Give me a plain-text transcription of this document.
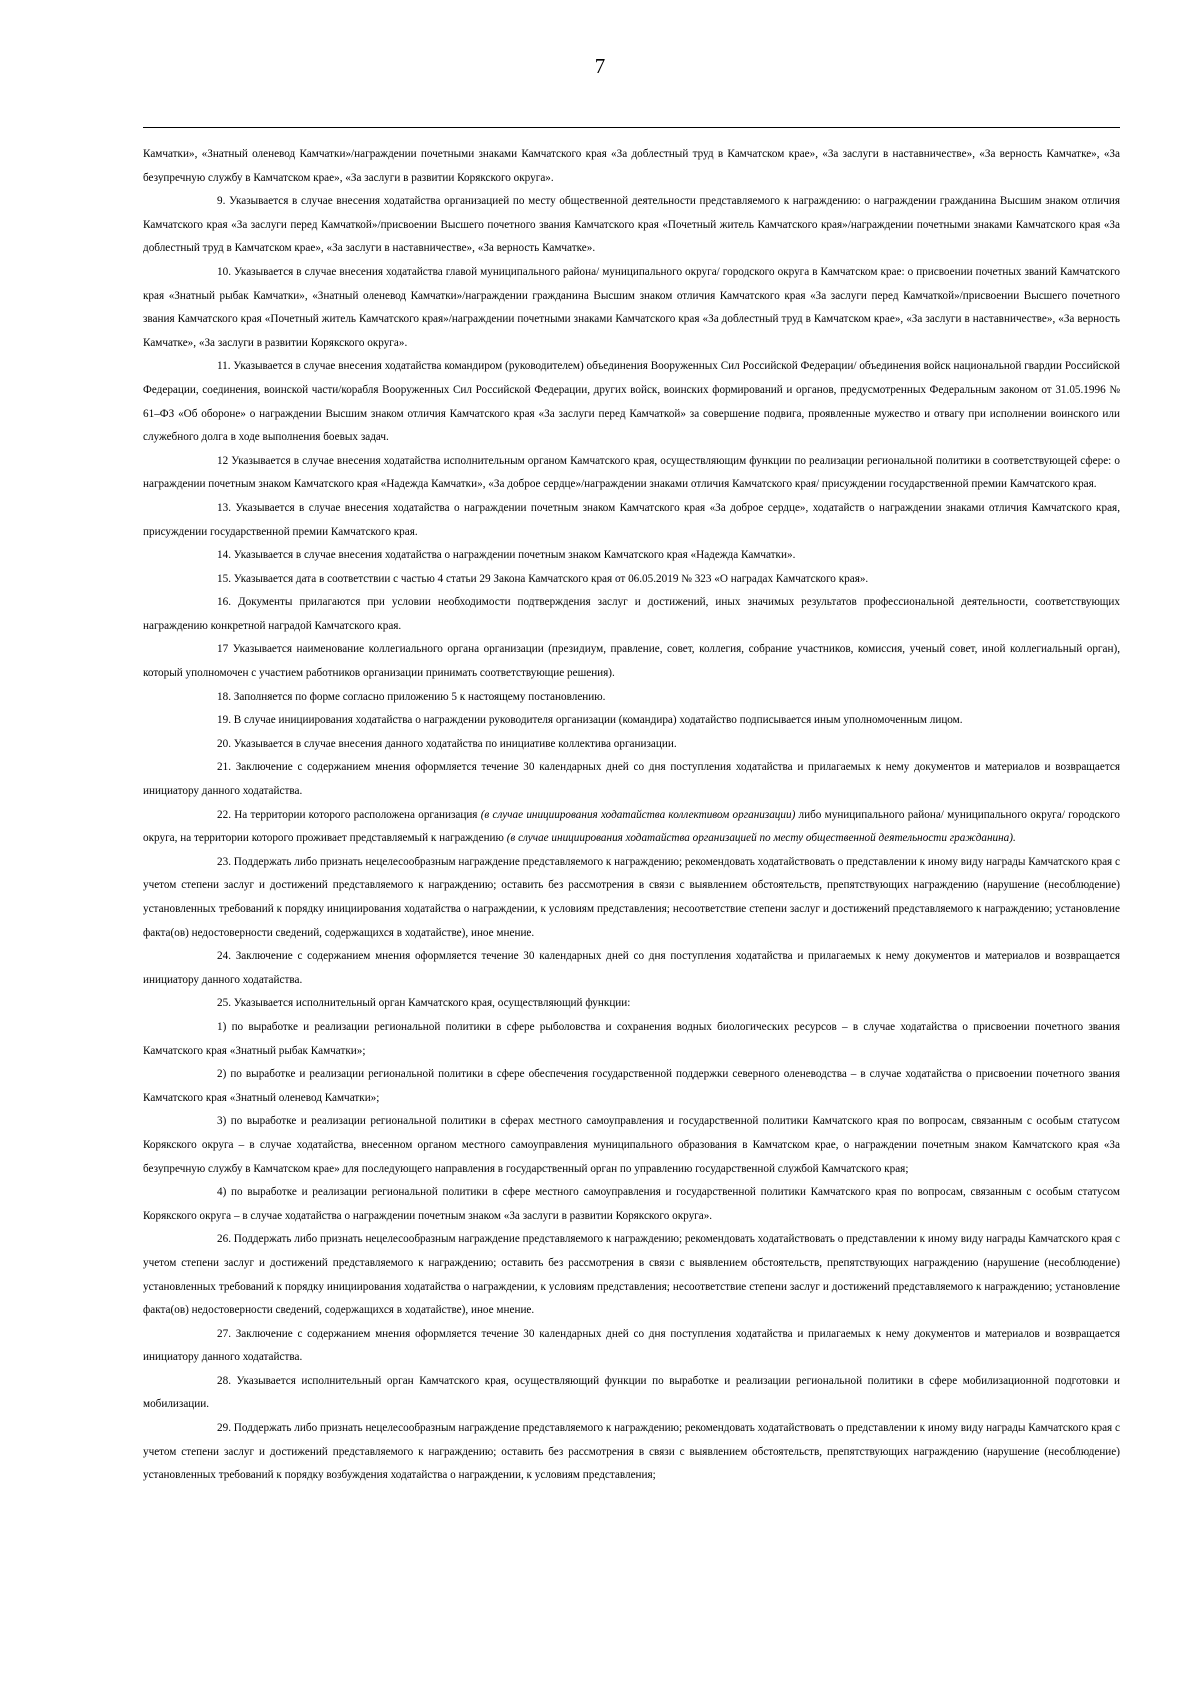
7

Камчатки», «Знатный оленевод Камчатки»/награждении почетными знаками Камчатского края «За доблестный труд в Камчатском крае», «За заслуги в наставничестве», «За верность Камчатке», «За безупречную службу в Камчатском крае», «За заслуги в развитии Корякского округа».

9. Указывается в случае внесения ходатайства организацией по месту общественной деятельности представляемого к награждению: о награждении гражданина Высшим знаком отличия Камчатского края «За заслуги перед Камчаткой»/присвоении Высшего почетного звания Камчатского края «Почетный житель Камчатского края»/награждении почетными знаками Камчатского края «За доблестный труд в Камчатском крае», «За заслуги в наставничестве», «За верность Камчатке».

10. Указывается в случае внесения ходатайства главой муниципального района/ муниципального округа/ городского округа в Камчатском крае: о присвоении почетных званий Камчатского края «Знатный рыбак Камчатки», «Знатный оленевод Камчатки»/награждении гражданина Высшим знаком отличия Камчатского края «За заслуги перед Камчаткой»/присвоении Высшего почетного звания Камчатского края «Почетный житель Камчатского края»/награждении почетными знаками Камчатского края «За доблестный труд в Камчатском крае», «За заслуги в наставничестве», «За верность Камчатке», «За заслуги в развитии Корякского округа».

11. Указывается в случае внесения ходатайства командиром (руководителем) объединения Вооруженных Сил Российской Федерации/ объединения войск национальной гвардии Российской Федерации, соединения, воинской части/корабля Вооруженных Сил Российской Федерации, других войск, воинских формирований и органов, предусмотренных Федеральным законом от 31.05.1996 № 61–ФЗ «Об обороне» о награждении Высшим знаком отличия Камчатского края «За заслуги перед Камчаткой» за совершение подвига, проявленные мужество и отвагу при исполнении воинского или служебного долга в ходе выполнения боевых задач.

12 Указывается в случае внесения ходатайства исполнительным органом Камчатского края, осуществляющим функции по реализации региональной политики в соответствующей сфере: о награждении почетным знаком Камчатского края «Надежда Камчатки», «За доброе сердце»/награждении знаками отличия Камчатского края/ присуждении государственной премии Камчатского края.

13. Указывается в случае внесения ходатайства о награждении почетным знаком Камчатского края «За доброе сердце», ходатайств о награждении знаками отличия Камчатского края, присуждении государственной премии Камчатского края.

14. Указывается в случае внесения ходатайства о награждении почетным знаком Камчатского края «Надежда Камчатки».

15. Указывается дата в соответствии с частью 4 статьи 29 Закона Камчатского края от 06.05.2019 № 323 «О наградах Камчатского края».

16. Документы прилагаются при условии необходимости подтверждения заслуг и достижений, иных значимых результатов профессиональной деятельности, соответствующих награждению конкретной наградой Камчатского края.

17 Указывается наименование коллегиального органа организации (президиум, правление, совет, коллегия, собрание участников, комиссия, ученый совет, иной коллегиальный орган), который уполномочен с участием работников организации принимать соответствующие решения).

18. Заполняется по форме согласно приложению 5 к настоящему постановлению.

19. В случае инициирования ходатайства о награждении руководителя организации (командира) ходатайство подписывается иным уполномоченным лицом.

20. Указывается в случае внесения данного ходатайства по инициативе коллектива организации.

21. Заключение с содержанием мнения оформляется течение 30 календарных дней со дня поступления ходатайства и прилагаемых к нему документов и материалов и возвращается инициатору данного ходатайства.

22. На территории которого расположена организация (в случае инициирования ходатайства коллективом организации) либо муниципального района/ муниципального округа/ городского округа, на территории которого проживает представляемый к награждению (в случае инициирования ходатайства организацией по месту общественной деятельности гражданина).

23. Поддержать либо признать нецелесообразным награждение представляемого к награждению; рекомендовать ходатайствовать о представлении к иному виду награды Камчатского края с учетом степени заслуг и достижений представляемого к награждению; оставить без рассмотрения в связи с выявлением обстоятельств, препятствующих награждению (нарушение (несоблюдение) установленных требований к порядку инициирования ходатайства о награждении, к условиям представления; несоответствие степени заслуг и достижений представляемого к награждению; установление факта(ов) недостоверности сведений, содержащихся в ходатайстве), иное мнение.

24. Заключение с содержанием мнения оформляется течение 30 календарных дней со дня поступления ходатайства и прилагаемых к нему документов и материалов и возвращается инициатору данного ходатайства.

25. Указывается исполнительный орган Камчатского края, осуществляющий функции:

1) по выработке и реализации региональной политики в сфере рыболовства и сохранения водных биологических ресурсов – в случае ходатайства о присвоении почетного звания Камчатского края «Знатный рыбак Камчатки»;

2) по выработке и реализации региональной политики в сфере обеспечения государственной поддержки северного оленеводства – в случае ходатайства о присвоении почетного звания Камчатского края «Знатный оленевод Камчатки»;

3) по выработке и реализации региональной политики в сферах местного самоуправления и государственной политики Камчатского края по вопросам, связанным с особым статусом Корякского округа – в случае ходатайства, внесенном органом местного самоуправления муниципального образования в Камчатском крае, о награждении почетным знаком Камчатского края «За безупречную службу в Камчатском крае» для последующего направления в государственный орган по управлению государственной службой Камчатского края;

4) по выработке и реализации региональной политики в сфере местного самоуправления и государственной политики Камчатского края по вопросам, связанным с особым статусом Корякского округа – в случае ходатайства о награждении почетным знаком «За заслуги в развитии Корякского округа».

26. Поддержать либо признать нецелесообразным награждение представляемого к награждению; рекомендовать ходатайствовать о представлении к иному виду награды Камчатского края с учетом степени заслуг и достижений представляемого к награждению; оставить без рассмотрения в связи с выявлением обстоятельств, препятствующих награждению (нарушение (несоблюдение) установленных требований к порядку инициирования ходатайства о награждении, к условиям представления; несоответствие степени заслуг и достижений представляемого к награждению; установление факта(ов) недостоверности сведений, содержащихся в ходатайстве), иное мнение.

27. Заключение с содержанием мнения оформляется течение 30 календарных дней со дня поступления ходатайства и прилагаемых к нему документов и материалов и возвращается инициатору данного ходатайства.

28. Указывается исполнительный орган Камчатского края, осуществляющий функции по выработке и реализации региональной политики в сфере мобилизационной подготовки и мобилизации.

29. Поддержать либо признать нецелесообразным награждение представляемого к награждению; рекомендовать ходатайствовать о представлении к иному виду награды Камчатского края с учетом степени заслуг и достижений представляемого к награждению; оставить без рассмотрения в связи с выявлением обстоятельств, препятствующих награждению (нарушение (несоблюдение) установленных требований к порядку возбуждения ходатайства о награждении, к условиям представления;
